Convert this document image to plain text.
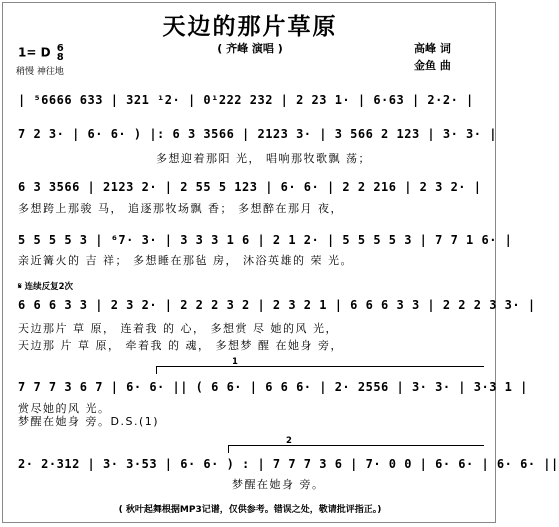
天边的那片草原
( 齐峰 演唱 )	高峰 词
金鱼 曲
1= D 6
8
稍慢 神往地
| ⁵6666 633 | 321 ¹2· | 0¹222 232 | 2 23 1· | 6·63 | 2·2· |
7 2 3· | 6· 6· ) |: 6 3 3566 | 2123 3· | 3 566 2 123 | 3· 3· |
多想迎着那阳 光， 唱响那牧歌飘 荡；
6 3 3566 | 2123 2· | 2 55 5 123 | 6· 6· | 2 2 216 | 2 3 2· |
多想跨上那骏 马， 追逐那牧场飘 香； 多想醉在那月 夜，
5 5 5 5 3 | ⁶7· 3· | 3 3 3 1 6 | 2 1 2· | 5 5 5 5 3 | 7 7 1 6· |
亲近篝火的 吉 祥； 多想睡在那毡 房， 沐浴英雄的 荣 光。
𝄋 连续反复2次
6 6 6 3 3 | 2 3 2· | 2 2 2 3 2 | 2 3 2 1 | 6 6 6 3 3 | 2 2 2 3 3· |
天边那片 草 原， 连着我 的 心， 多想赏 尽 她的风 光，
天边那 片 草 原， 牵着我 的 魂， 多想梦 醒 在她身 旁，
1
7 7 7 3 6 7 | 6· 6· || ( 6 6· | 6 6 6· | 2· 2556 | 3· 3· | 3·3 1 |
赏尽她的风 光。
梦醒在她身 旁。D.S.(1)
2
2· 2·312 | 3· 3·53 | 6· 6· ) : | 7 7 7 3 6 | 7· 0 0 | 6· 6· | 6· 6· ||
梦醒在她身 旁。
( 秋叶起舞根据MP3记谱，仅供参考。错误之处，敬请批评指正。)
